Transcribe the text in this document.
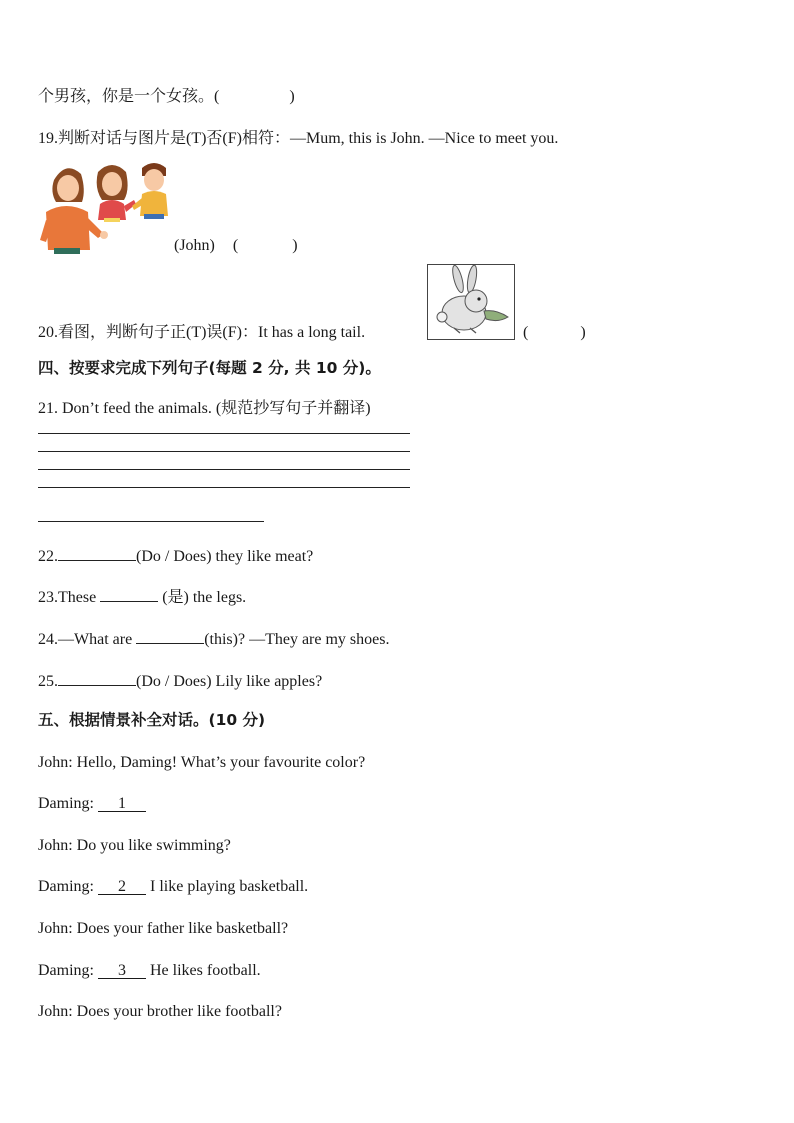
个男孩，你是一个女孩。(	)
19.判断对话与图片是(T)否(F)相符：—Mum, this is John. —Nice to meet you.
(John) (	)
20.看图，判断句子正(T)误(F)：It has a long tail.	(	)
四、按要求完成下列句子(每题 2 分, 共 10 分)。
21. Don’t feed the animals. (规范抄写句子并翻译)
22.	(Do / Does) they like meat?
23.These	(是) the legs.
24.—What are	(this)? —They are my shoes.
25.	(Do / Does) Lily like apples?
五、根据情景补全对话。(10 分)
John: Hello, Daming! What’s your favourite color?
Daming: 1
John: Do you like swimming?
Daming: 2 I like playing basketball.
John: Does your father like basketball?
Daming: 3 He likes football.
John: Does your brother like football?
